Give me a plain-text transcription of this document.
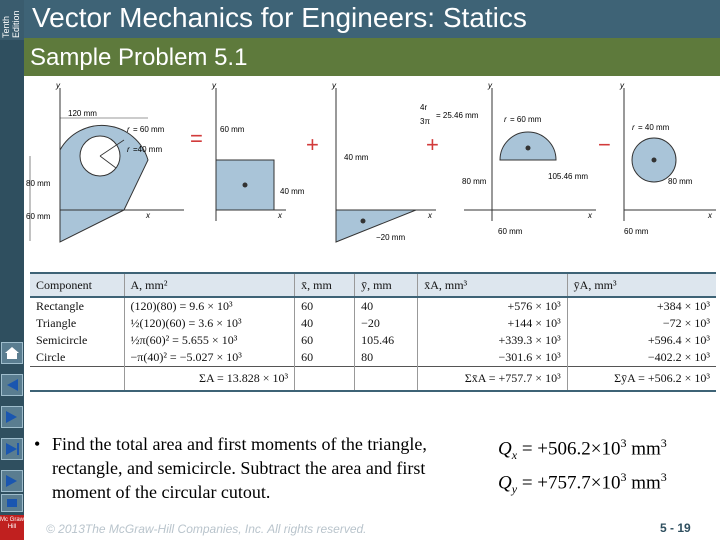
Tenth Edition
Mc Graw Hill
Vector Mechanics for Engineers: Statics
Sample Problem 5.1
y
x
120 mm
r = 60 mm
r =40 mm
80 mm
60 mm
=
y
x
60 mm
40 mm
+
y
x
40 mm
−20 mm
+
y
x
4r
3π
= 25.46 mm	r = 60 mm
80 mm
105.46 mm
60 mm
−
y
x
r = 40 mm
80 mm
60 mm
Component	A, mm²	x̄, mm	ȳ, mm	x̄A, mm³	ȳA, mm³
Rectangle	(120)(80) = 9.6 × 10³	60	40	+576 × 10³	+384 × 10³
Triangle	½(120)(60) = 3.6 × 10³	40	−20	+144 × 10³	−72 × 10³
Semicircle	½π(60)² = 5.655 × 10³	60	105.46	+339.3 × 10³	+596.4 × 10³
Circle	−π(40)² = −5.027 × 10³	60	80	−301.6 × 10³	−402.2 × 10³
	ΣA = 13.828 × 10³			Σx̄A = +757.7 × 10³	ΣȳA = +506.2 × 10³
• Find the total area and first moments of the triangle, rectangle, and semicircle. Subtract the area and first moment of the circular cutout.
$Q_x = +506.2\times 10^3$ $mm^3$
$Q_y = +757.7\times 10^3$ $mm^3$
© 2013The McGraw-Hill Companies, Inc. All rights reserved.	5 - 19
